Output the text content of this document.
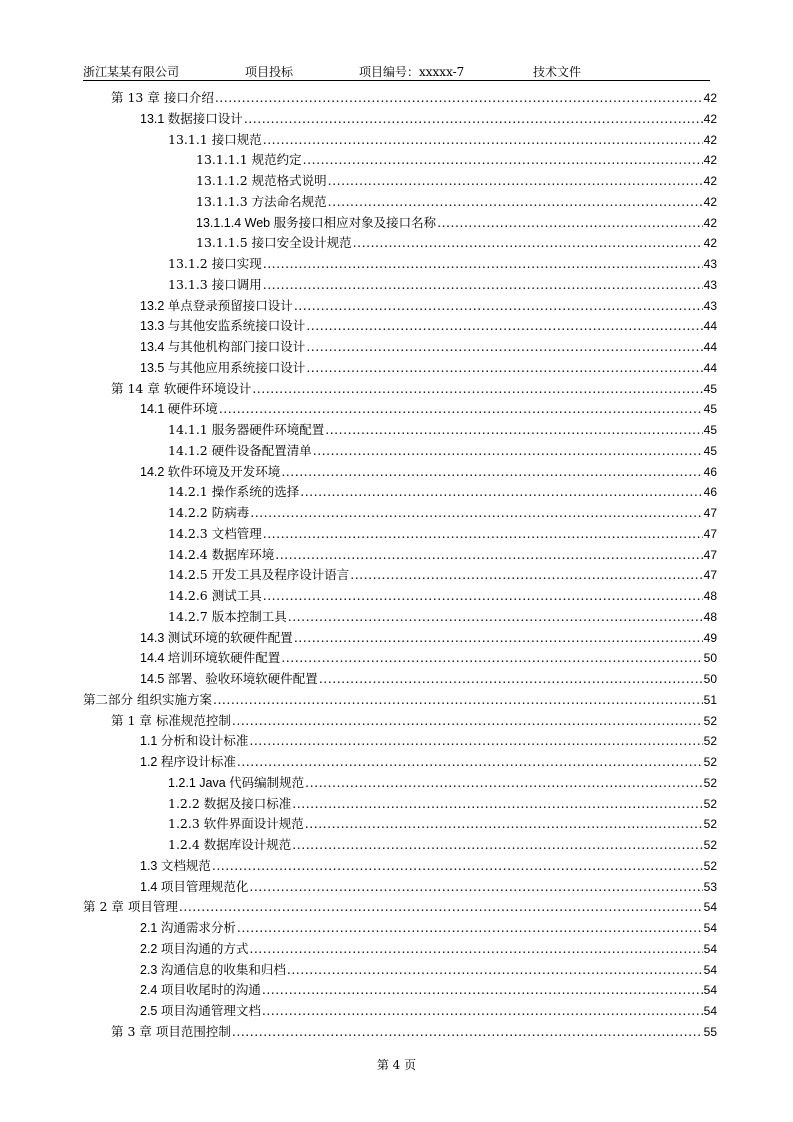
浙江某某有限公司	项目投标	项目编号：xxxxx-7	技术文件
第 13 章 接口介绍 .....	42
13.1 数据接口设计 .....	42
13.1.1 接口规范 .....	42
13.1.1.1 规范约定 .....	42
13.1.1.2 规范格式说明 .....	42
13.1.1.3 方法命名规范 .....	42
13.1.1.4 Web 服务接口相应对象及接口名称 .....	42
13.1.1.5 接口安全设计规范 .....	42
13.1.2 接口实现 .....	43
13.1.3 接口调用 .....	43
13.2 单点登录预留接口设计 .....	43
13.3 与其他安监系统接口设计 .....	44
13.4 与其他机构部门接口设计 .....	44
13.5 与其他应用系统接口设计 .....	44
第 14 章 软硬件环境设计 .....	45
14.1 硬件环境 .....	45
14.1.1 服务器硬件环境配置 .....	45
14.1.2 硬件设备配置清单 .....	45
14.2 软件环境及开发环境 .....	46
14.2.1 操作系统的选择 .....	46
14.2.2 防病毒 .....	47
14.2.3 文档管理 .....	47
14.2.4 数据库环境 .....	47
14.2.5 开发工具及程序设计语言 .....	47
14.2.6 测试工具 .....	48
14.2.7 版本控制工具 .....	48
14.3 测试环境的软硬件配置 .....	49
14.4 培训环境软硬件配置 .....	50
14.5 部署、验收环境软硬件配置 .....	50
第二部分 组织实施方案 .....	51
第 1 章 标准规范控制 .....	52
1.1 分析和设计标准 .....	52
1.2 程序设计标准 .....	52
1.2.1 Java 代码编制规范 .....	52
1.2.2 数据及接口标准 .....	52
1.2.3 软件界面设计规范 .....	52
1.2.4 数据库设计规范 .....	52
1.3 文档规范 .....	52
1.4 项目管理规范化 .....	53
第 2 章 项目管理 .....	54
2.1 沟通需求分析 .....	54
2.2 项目沟通的方式 .....	54
2.3 沟通信息的收集和归档 .....	54
2.4 项目收尾时的沟通 .....	54
2.5 项目沟通管理文档 .....	54
第 3 章 项目范围控制 .....	55
第 4 页
